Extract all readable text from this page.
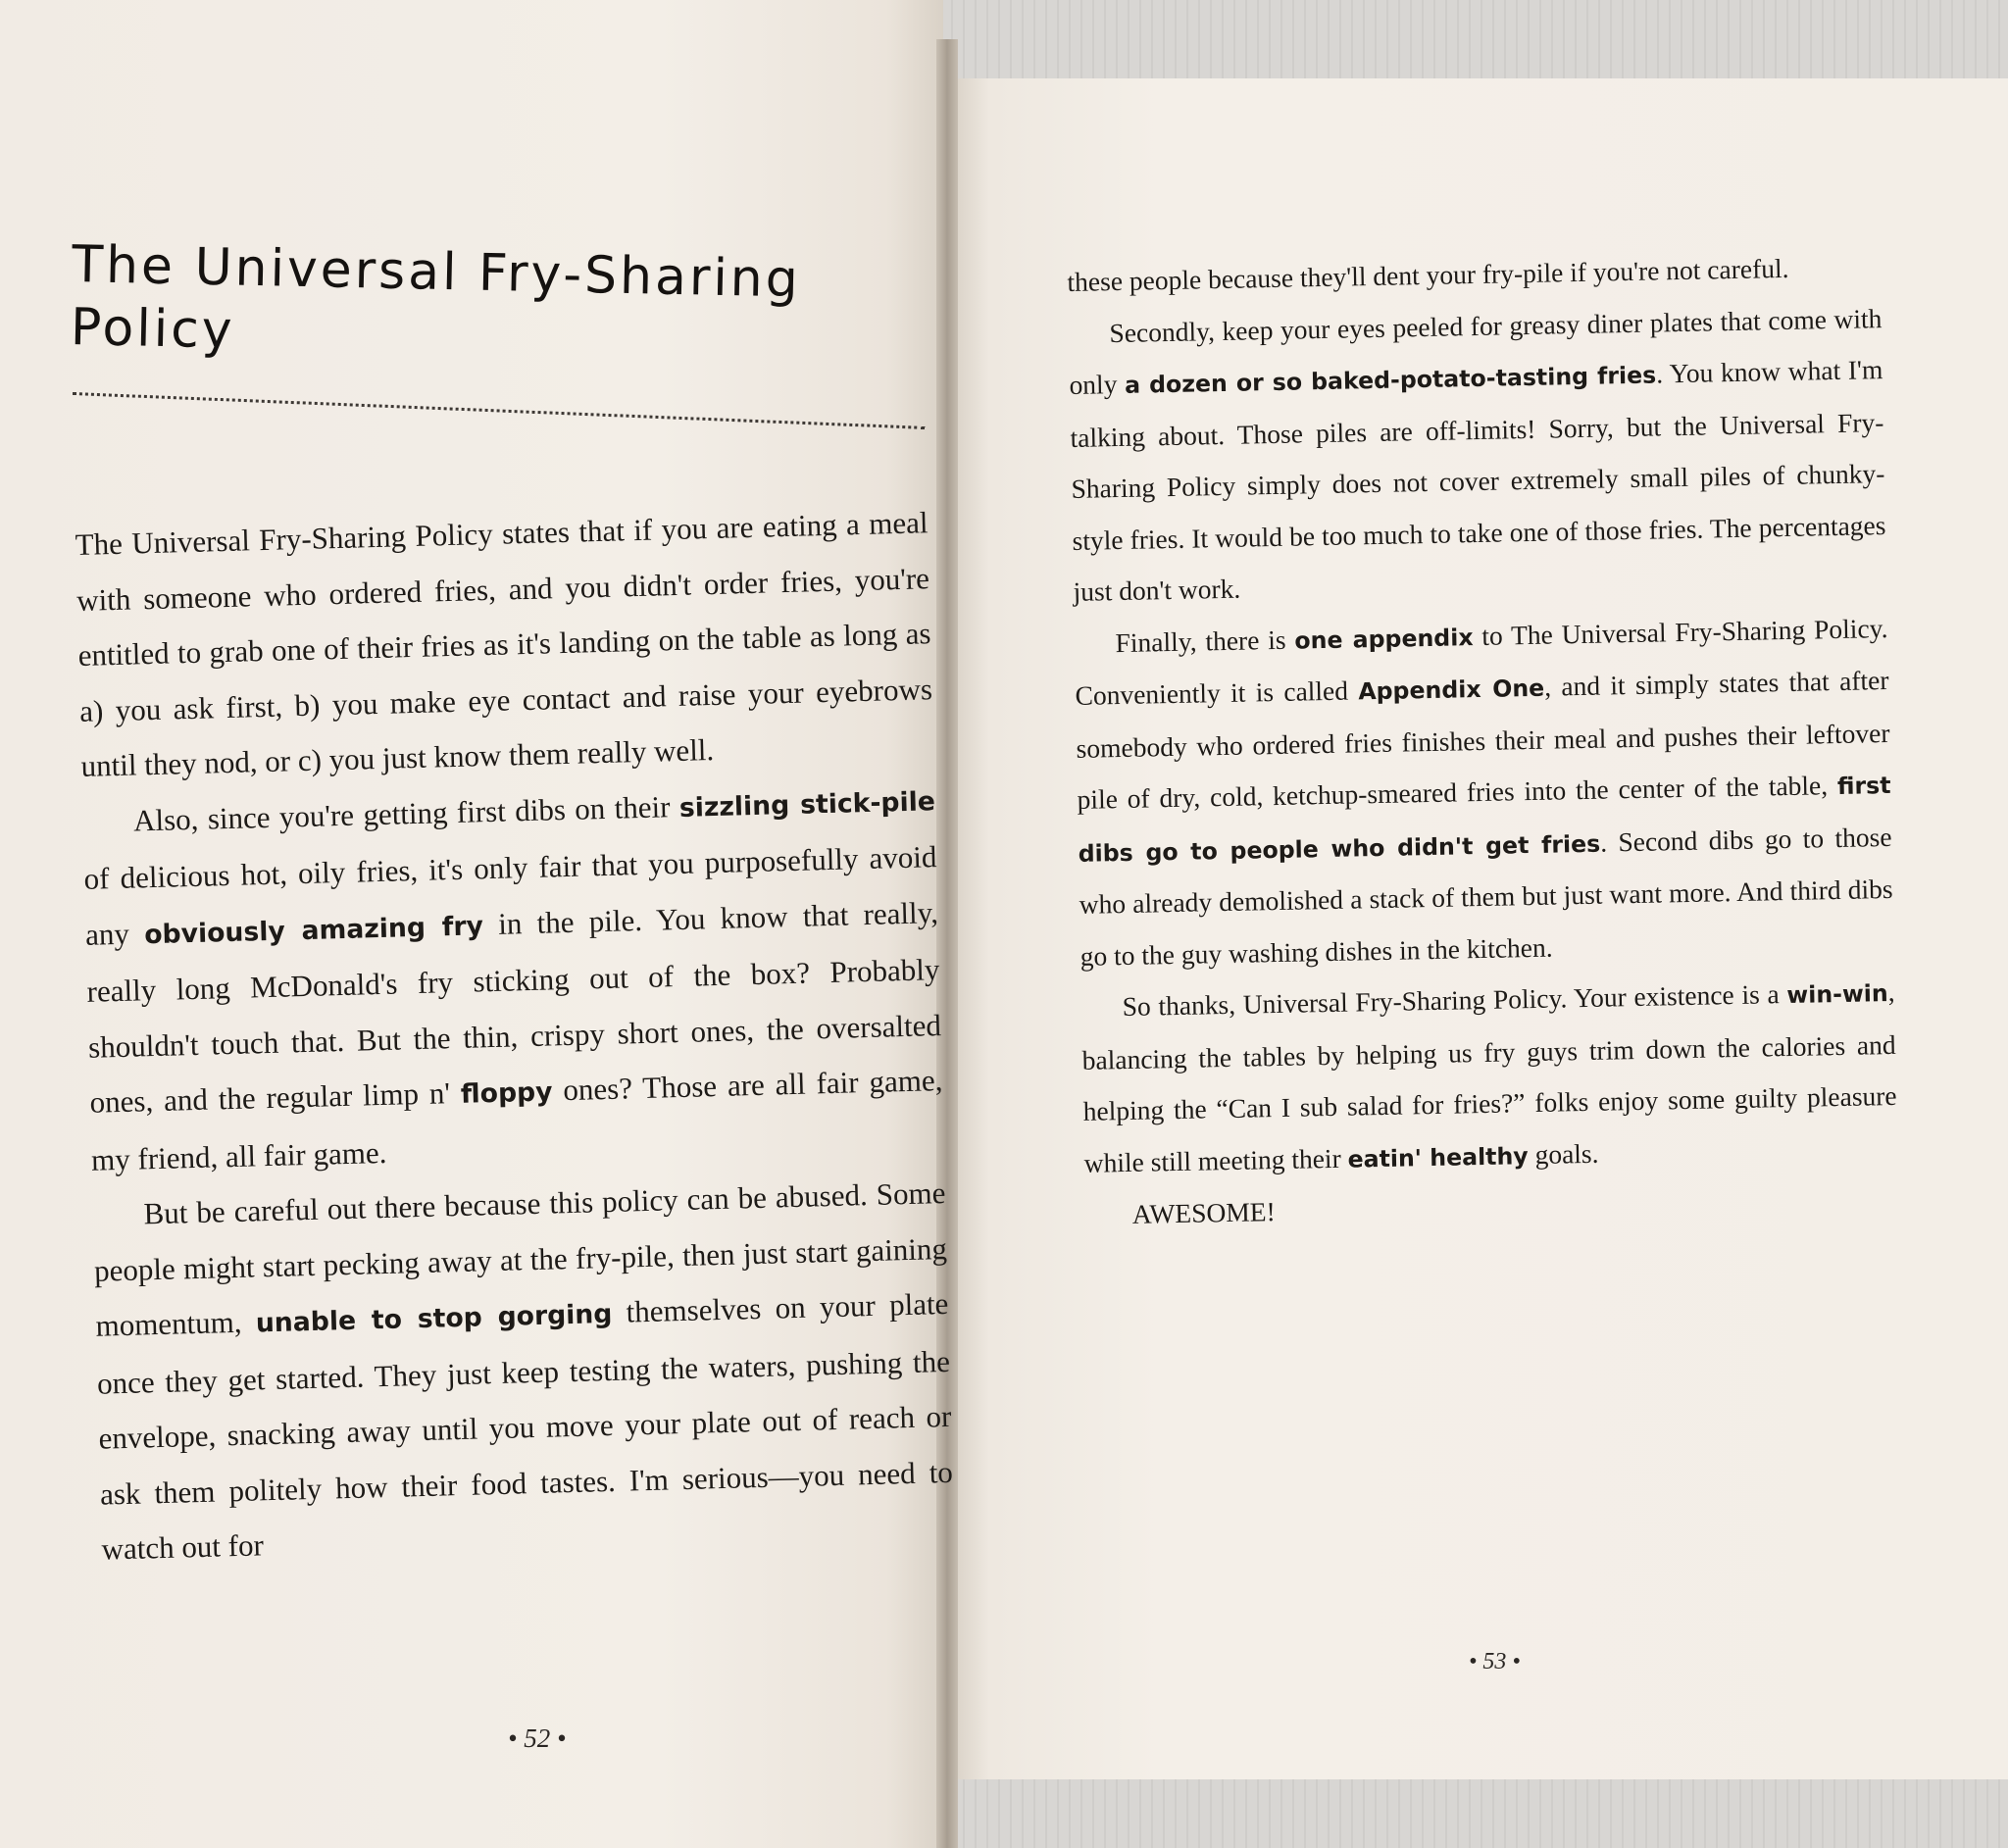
The Universal Fry-Sharing
Policy

The Universal Fry-Sharing Policy states that if you are eating a meal with someone who ordered fries, and you didn't order fries, you're entitled to grab one of their fries as it's landing on the table as long as a) you ask first, b) you make eye contact and raise your eyebrows until they nod, or c) you just know them really well.

Also, since you're getting first dibs on their sizzling stick-pile of delicious hot, oily fries, it's only fair that you purposefully avoid any obviously amazing fry in the pile. You know that really, really long McDonald's fry sticking out of the box? Probably shouldn't touch that. But the thin, crispy short ones, the oversalted ones, and the regular limp n' floppy ones? Those are all fair game, my friend, all fair game.

But be careful out there because this policy can be abused. Some people might start pecking away at the fry-pile, then just start gaining momentum, unable to stop gorging themselves on your plate once they get started. They just keep testing the waters, pushing the envelope, snacking away until you move your plate out of reach or ask them politely how their food tastes. I'm serious—you need to watch out for

• 52 •

these people because they'll dent your fry-pile if you're not careful.

Secondly, keep your eyes peeled for greasy diner plates that come with only a dozen or so baked-potato-tasting fries. You know what I'm talking about. Those piles are off-limits! Sorry, but the Universal Fry-Sharing Policy simply does not cover extremely small piles of chunky-style fries. It would be too much to take one of those fries. The percentages just don't work.

Finally, there is one appendix to The Universal Fry-Sharing Policy. Conveniently it is called Appendix One, and it simply states that after somebody who ordered fries finishes their meal and pushes their leftover pile of dry, cold, ketchup-smeared fries into the center of the table, first dibs go to people who didn't get fries. Second dibs go to those who already demolished a stack of them but just want more. And third dibs go to the guy washing dishes in the kitchen.

So thanks, Universal Fry-Sharing Policy. Your existence is a win-win, balancing the tables by helping us fry guys trim down the calories and helping the “Can I sub salad for fries?” folks enjoy some guilty pleasure while still meeting their eatin' healthy goals.

AWESOME!

• 53 •
